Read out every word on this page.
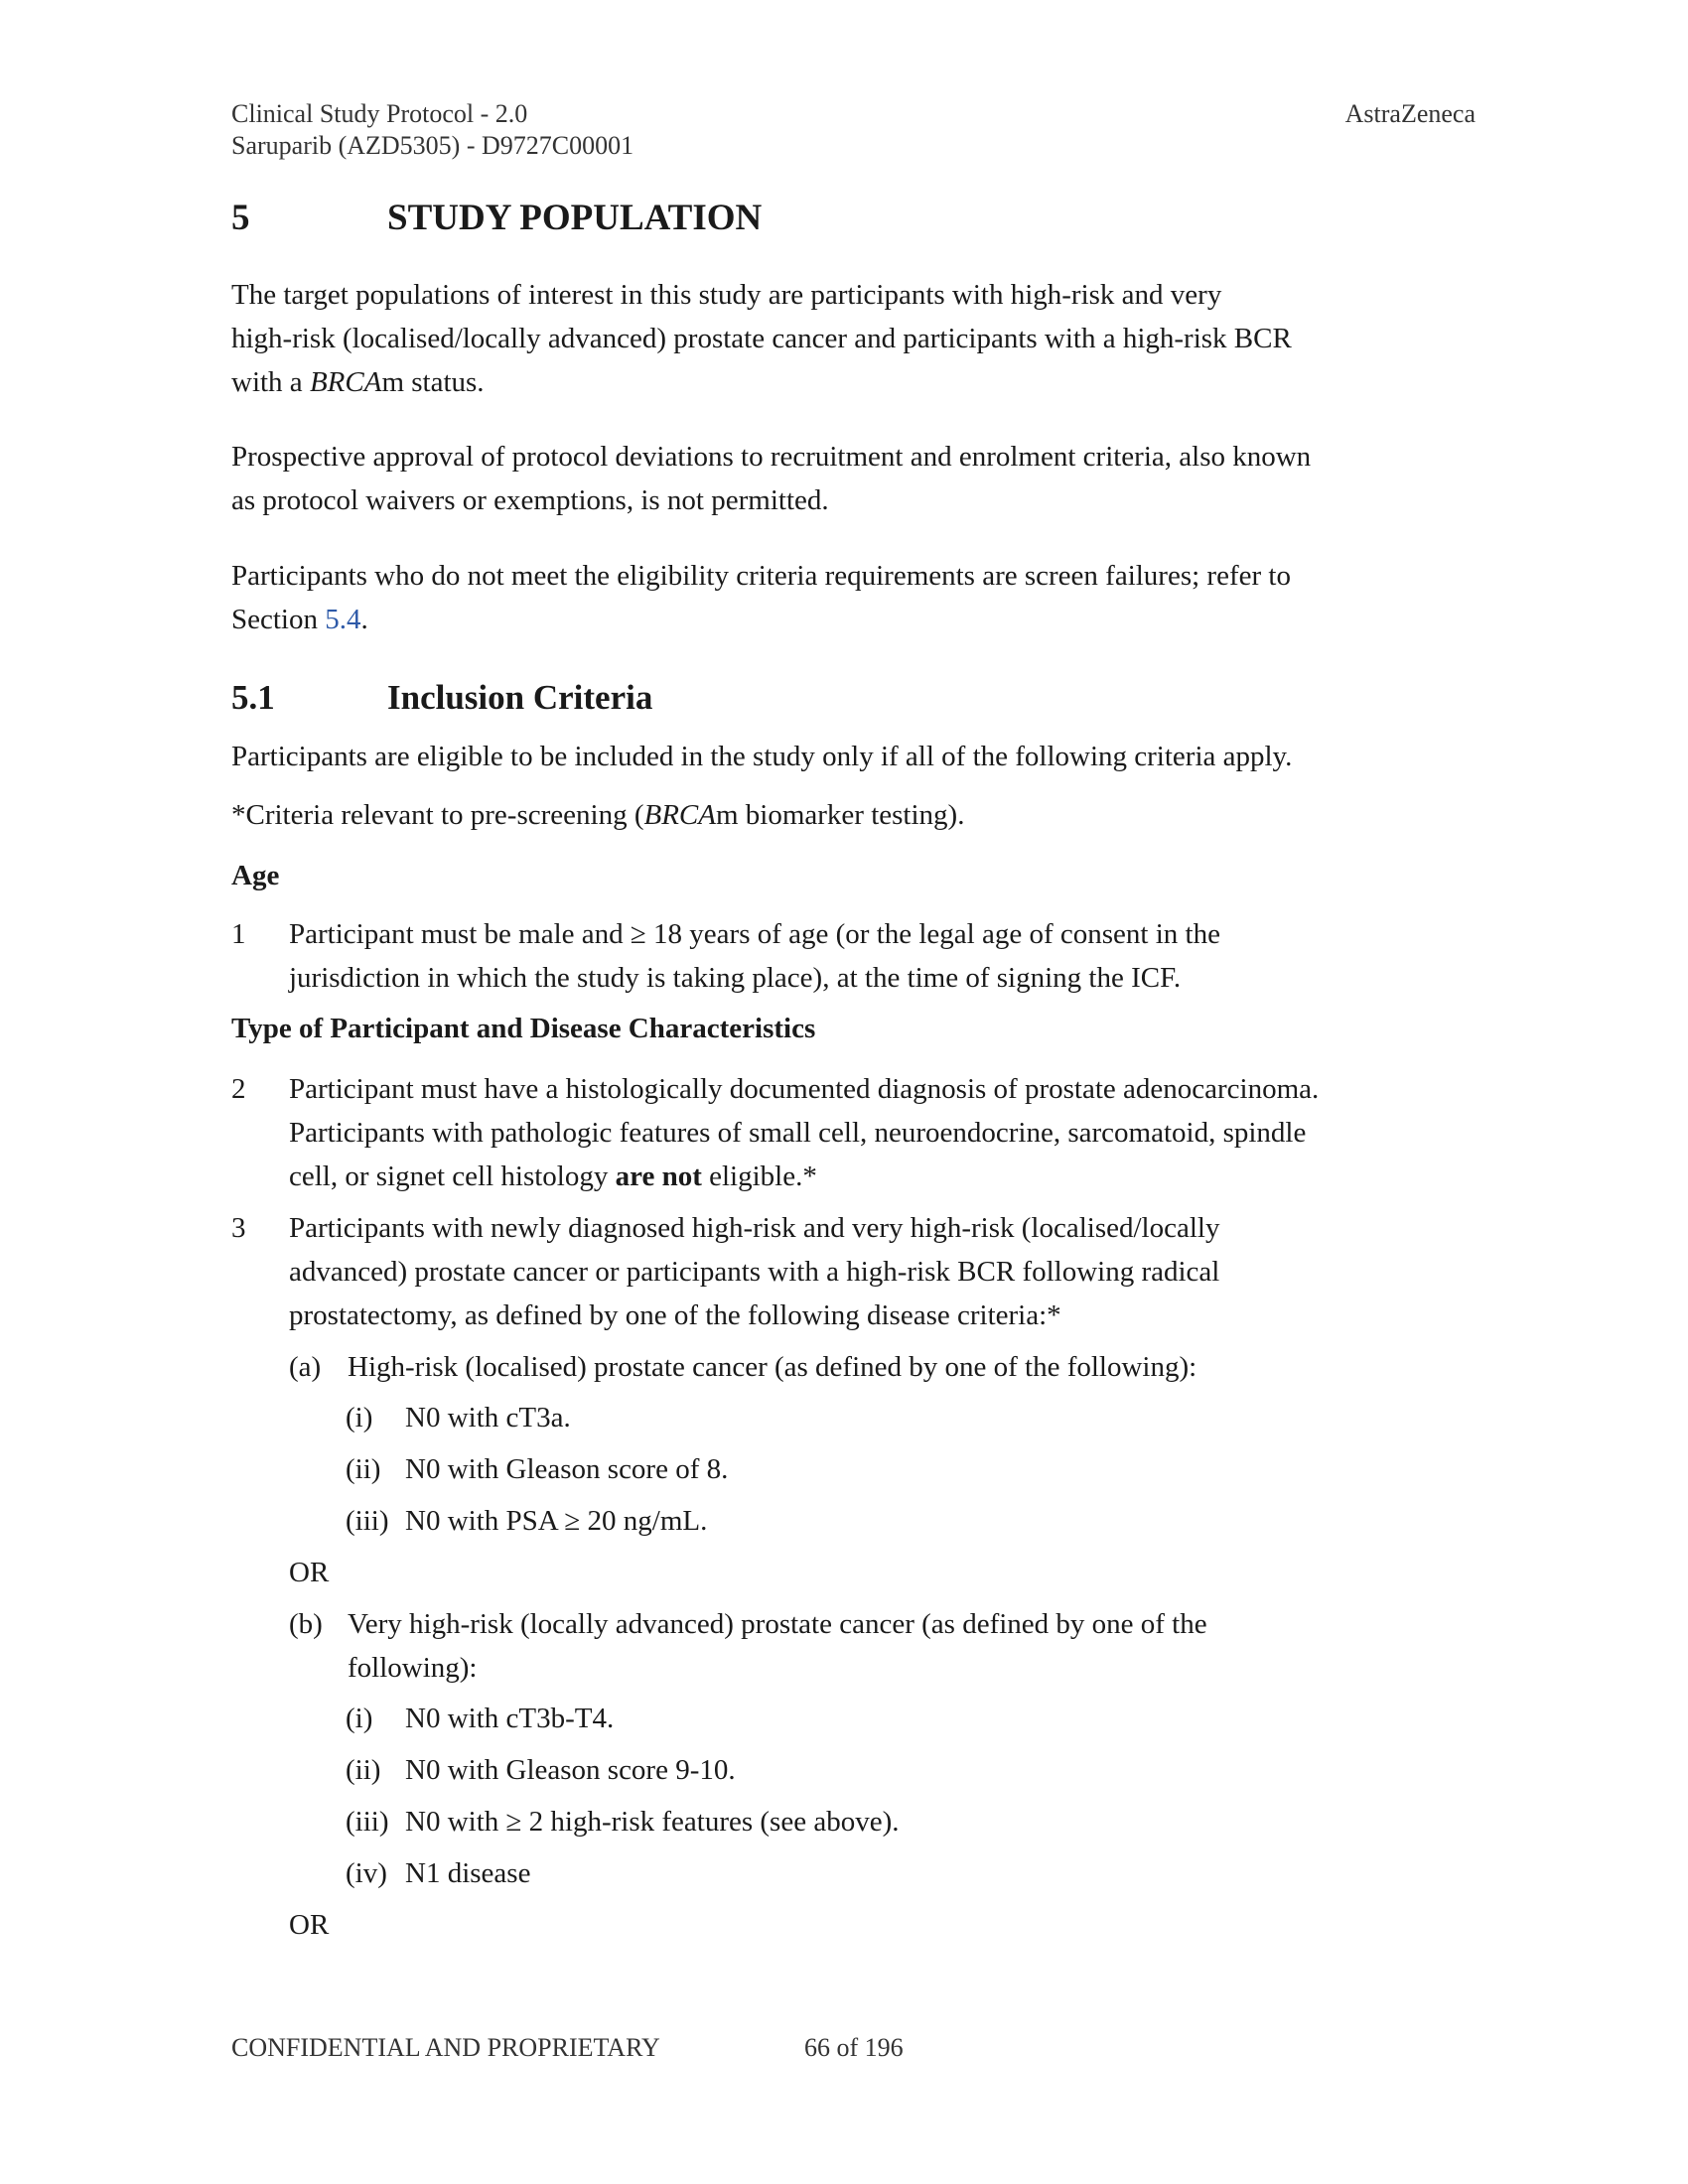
Clinical Study Protocol - 2.0
Saruparib (AZD5305) - D9727C00001
AstraZeneca
5	STUDY POPULATION
The target populations of interest in this study are participants with high-risk and very
high-risk (localised/locally advanced) prostate cancer and participants with a high-risk BCR
with a BRCAm status.
Prospective approval of protocol deviations to recruitment and enrolment criteria, also known
as protocol waivers or exemptions, is not permitted.
Participants who do not meet the eligibility criteria requirements are screen failures; refer to
Section 5.4.
5.1	Inclusion Criteria
Participants are eligible to be included in the study only if all of the following criteria apply.
*Criteria relevant to pre-screening (BRCAm biomarker testing).
Age
1 Participant must be male and ≥ 18 years of age (or the legal age of consent in the
jurisdiction in which the study is taking place), at the time of signing the ICF.
Type of Participant and Disease Characteristics
2 Participant must have a histologically documented diagnosis of prostate adenocarcinoma.
Participants with pathologic features of small cell, neuroendocrine, sarcomatoid, spindle
cell, or signet cell histology are not eligible.*
3 Participants with newly diagnosed high-risk and very high-risk (localised/locally
advanced) prostate cancer or participants with a high-risk BCR following radical
prostatectomy, as defined by one of the following disease criteria:*
(a) High-risk (localised) prostate cancer (as defined by one of the following):
(i) N0 with cT3a.
(ii) N0 with Gleason score of 8.
(iii) N0 with PSA ≥ 20 ng/mL.
OR
(b) Very high-risk (locally advanced) prostate cancer (as defined by one of the
following):
(i) N0 with cT3b-T4.
(ii) N0 with Gleason score 9-10.
(iii) N0 with ≥ 2 high-risk features (see above).
(iv) N1 disease
OR
CONFIDENTIAL AND PROPRIETARY	66 of 196
